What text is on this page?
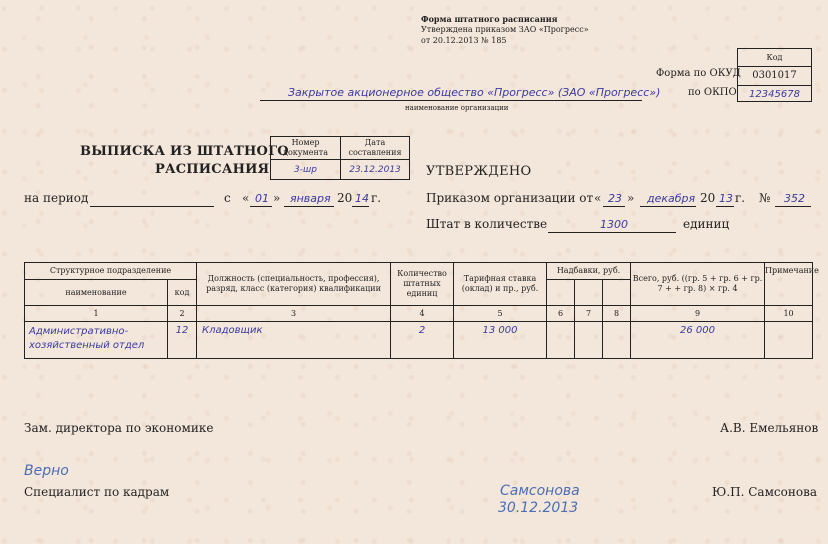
Форма штатного расписания
Утверждена приказом ЗАО «Прогресс»
от 20.12.2013 № 185
Код
0301017
12345678
Форма по ОКУД
по ОКПО
Закрытое акционерное общество «Прогресс» (ЗАО «Прогресс»)
наименование организации
ВЫПИСКА ИЗ ШТАТНОГО
РАСПИСАНИЯ
Номер документа	Дата составления
3-шр	23.12.2013 УТВЕРЖДЕНО
Приказом организации от « 23 » декабря 20 13 г. № 352
Штат в количестве	1300	единиц
на период	с « 01 » января 20 14 г.
Структурное подразделение		Должность (специальность, профессия), разряд, класс (категория) квалификации	Количество штатных единиц	Тарифная ставка (оклад) и пр., руб.	Надбавки, руб.			Всего, руб. ((гр. 5 + гр. 6 + гр. 7 + + гр. 8) × гр. 4	Примечание
наименование	код								
1	2	3	4	5	6	7	8	9	10
Административно-хозяйственный отдел	12	Кладовщик	2	13 000				26 000	
Зам. директора по экономике	А.В. Емельянов
Верно
Специалист по кадрам	Самсонова
30.12.2013
Ю.П. Самсонова
